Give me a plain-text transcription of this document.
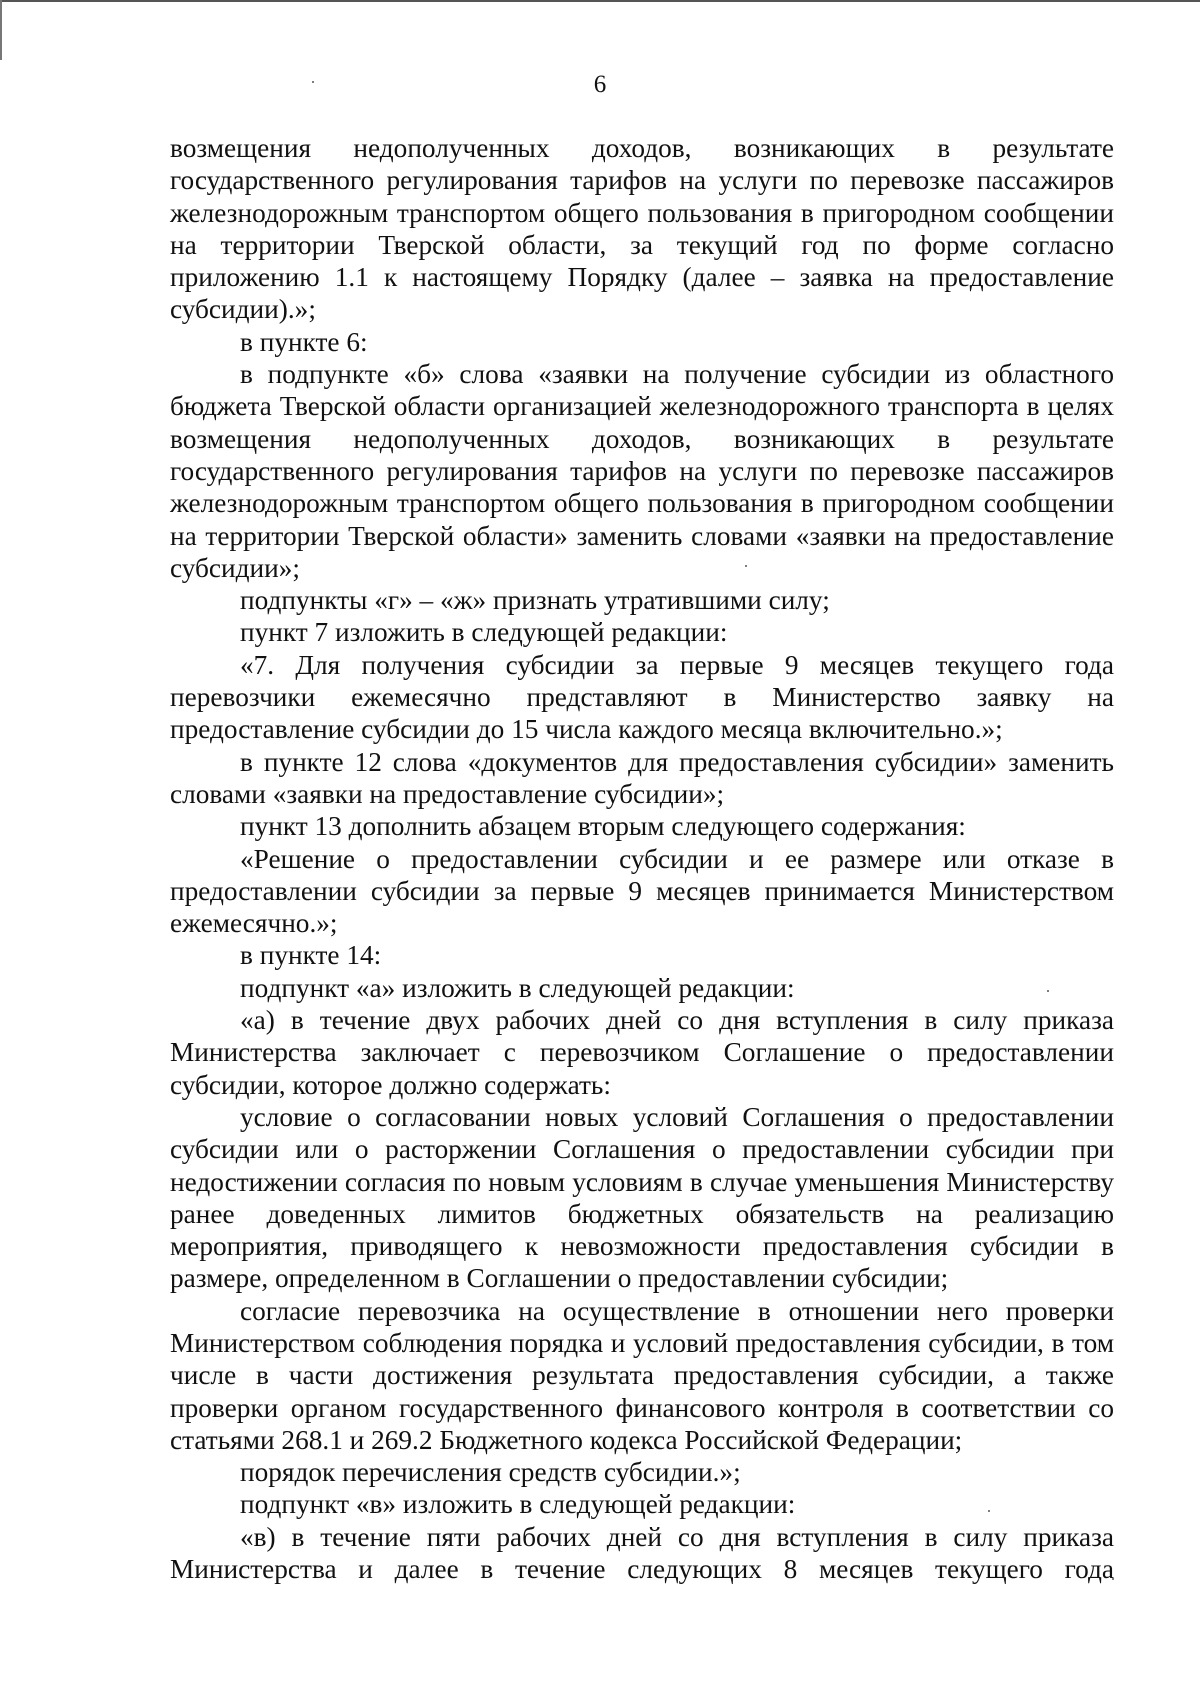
6

возмещения недополученных доходов, возникающих в результате государственного регулирования тарифов на услуги по перевозке пассажиров железнодорожным транспортом общего пользования в пригородном сообщении на территории Тверской области, за текущий год по форме согласно приложению 1.1 к настоящему Порядку (далее – заявка на предоставление субсидии).»;

в пункте 6:

в подпункте «б» слова «заявки на получение субсидии из областного бюджета Тверской области организацией железнодорожного транспорта в целях возмещения недополученных доходов, возникающих в результате государственного регулирования тарифов на услуги по перевозке пассажиров железнодорожным транспортом общего пользования в пригородном сообщении на территории Тверской области» заменить словами «заявки на предоставление субсидии»;

подпункты «г» – «ж» признать утратившими силу;

пункт 7 изложить в следующей редакции:

«7. Для получения субсидии за первые 9 месяцев текущего года перевозчики ежемесячно представляют в Министерство заявку на предоставление субсидии до 15 числа каждого месяца включительно.»;

в пункте 12 слова «документов для предоставления субсидии» заменить словами «заявки на предоставление субсидии»;

пункт 13 дополнить абзацем вторым следующего содержания:

«Решение о предоставлении субсидии и ее размере или отказе в предоставлении субсидии за первые 9 месяцев принимается Министерством ежемесячно.»;

в пункте 14:

подпункт «а» изложить в следующей редакции:

«а) в течение двух рабочих дней со дня вступления в силу приказа Министерства заключает с перевозчиком Соглашение о предоставлении субсидии, которое должно содержать:

условие о согласовании новых условий Соглашения о предоставлении субсидии или о расторжении Соглашения о предоставлении субсидии при недостижении согласия по новым условиям в случае уменьшения Министерству ранее доведенных лимитов бюджетных обязательств на реализацию мероприятия, приводящего к невозможности предоставления субсидии в размере, определенном в Соглашении о предоставлении субсидии;

согласие перевозчика на осуществление в отношении него проверки Министерством соблюдения порядка и условий предоставления субсидии, в том числе в части достижения результата предоставления субсидии, а также проверки органом государственного финансового контроля в соответствии со статьями 268.1 и 269.2 Бюджетного кодекса Российской Федерации;

порядок перечисления средств субсидии.»;

подпункт «в» изложить в следующей редакции:

«в) в течение пяти рабочих дней со дня вступления в силу приказа Министерства и далее в течение следующих 8 месяцев текущего года
